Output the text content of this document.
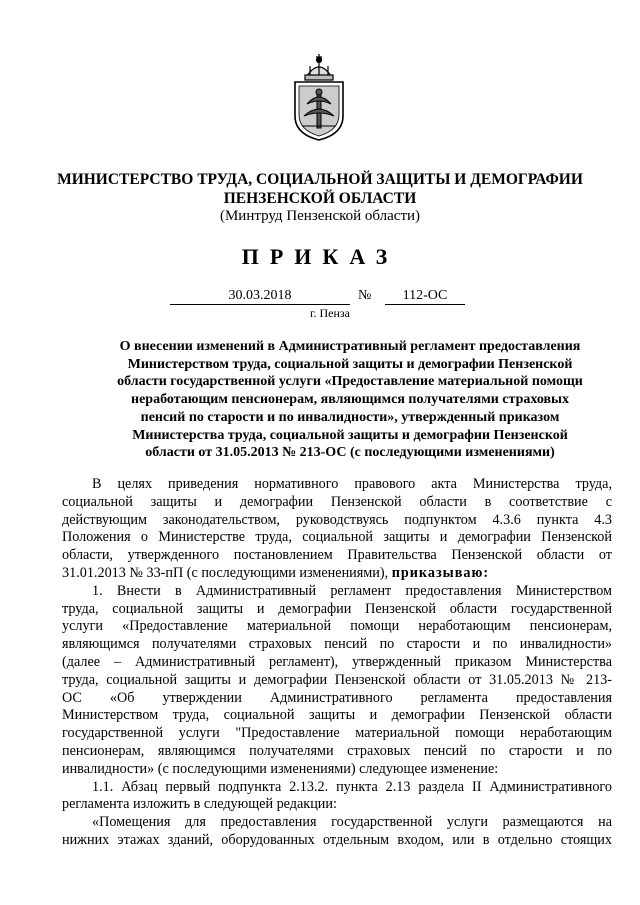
МИНИСТЕРСТВО ТРУДА, СОЦИАЛЬНОЙ ЗАЩИТЫ И ДЕМОГРАФИИ
ПЕНЗЕНСКОЙ ОБЛАСТИ
(Минтруд Пензенской области)
ПРИКАЗ
30.03.2018	№	112-ОС
г. Пенза
О внесении изменений в Административный регламент предоставления
Министерством труда, социальной защиты и демографии Пензенской
области государственной услуги «Предоставление материальной помощи
неработающим пенсионерам, являющимся получателями страховых
пенсий по старости и по инвалидности», утвержденный приказом
Министерства труда, социальной защиты и демографии Пензенской
области от 31.05.2013 № 213-ОС (с последующими изменениями)
В целях приведения нормативного правового акта Министерства труда,
социальной защиты и демографии Пензенской области в соответствие с
действующим законодательством, руководствуясь подпунктом 4.3.6 пункта 4.3
Положения о Министерстве труда, социальной защиты и демографии Пензенской
области, утвержденного постановлением Правительства Пензенской области от
31.01.2013 № 33-пП (с последующими изменениями), приказываю:
1. Внести в Административный регламент предоставления Министерством
труда, социальной защиты и демографии Пензенской области государственной
услуги «Предоставление материальной помощи неработающим пенсионерам,
являющимся получателями страховых пенсий по старости и по инвалидности»
(далее – Административный регламент), утвержденный приказом Министерства
труда, социальной защиты и демографии Пензенской области от 31.05.2013 № 213-
ОС «Об утверждении Административного регламента предоставления
Министерством труда, социальной защиты и демографии Пензенской области
государственной услуги "Предоставление материальной помощи неработающим
пенсионерам, являющимся получателями страховых пенсий по старости и по
инвалидности» (с последующими изменениями) следующее изменение:
1.1. Абзац первый подпункта 2.13.2. пункта 2.13 раздела II Административного
регламента изложить в следующей редакции:
«Помещения для предоставления государственной услуги размещаются на
нижних этажах зданий, оборудованных отдельным входом, или в отдельно стоящих
